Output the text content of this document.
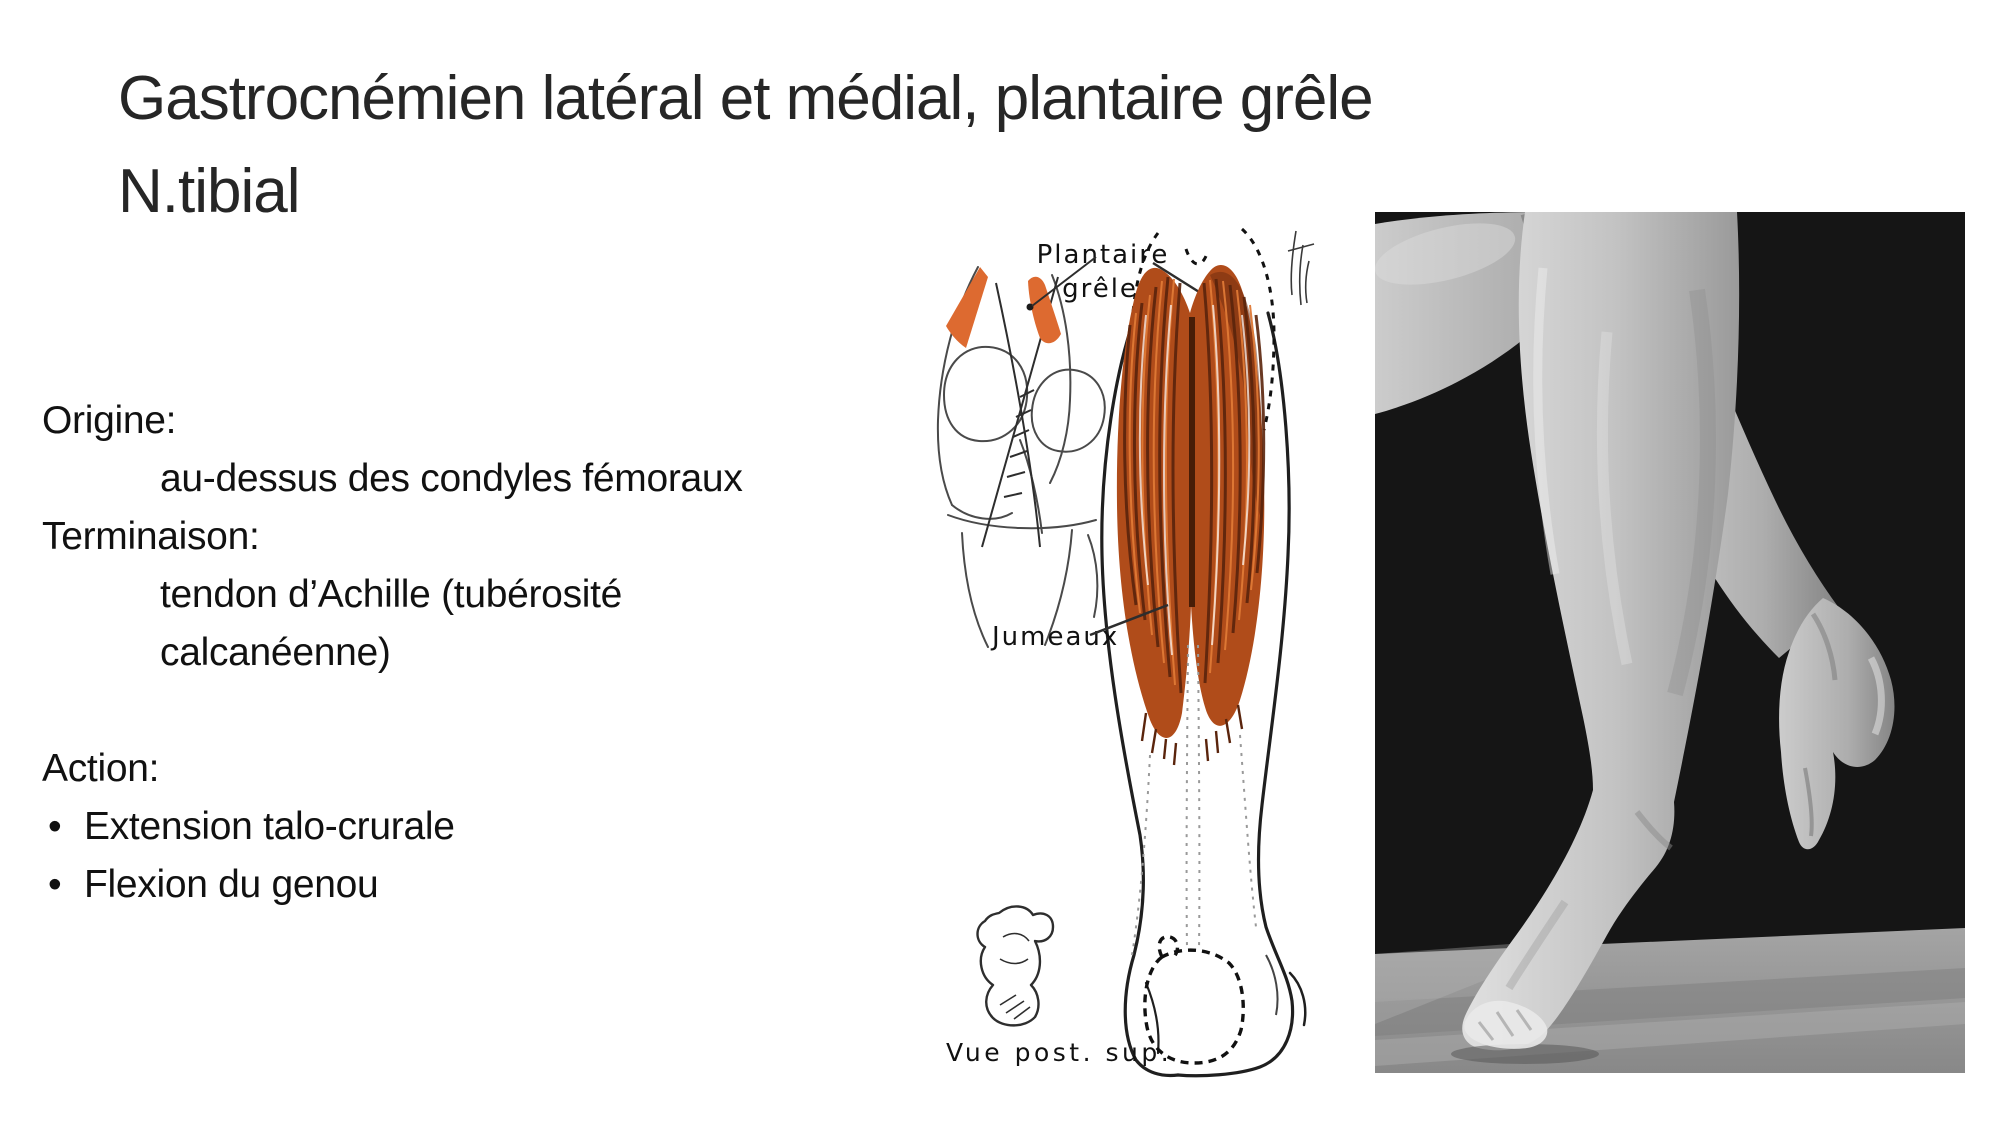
Gastrocnémien latéral et médial, plantaire grêle
N.tibial
Origine:
au-dessus des condyles fémoraux
Terminaison:
tendon d’Achille (tubérosité
calcanéenne)
Action:
• Extension talo-crurale
• Flexion du genou
Plantaire
grêle
Jumeaux
Vue post. sup.
